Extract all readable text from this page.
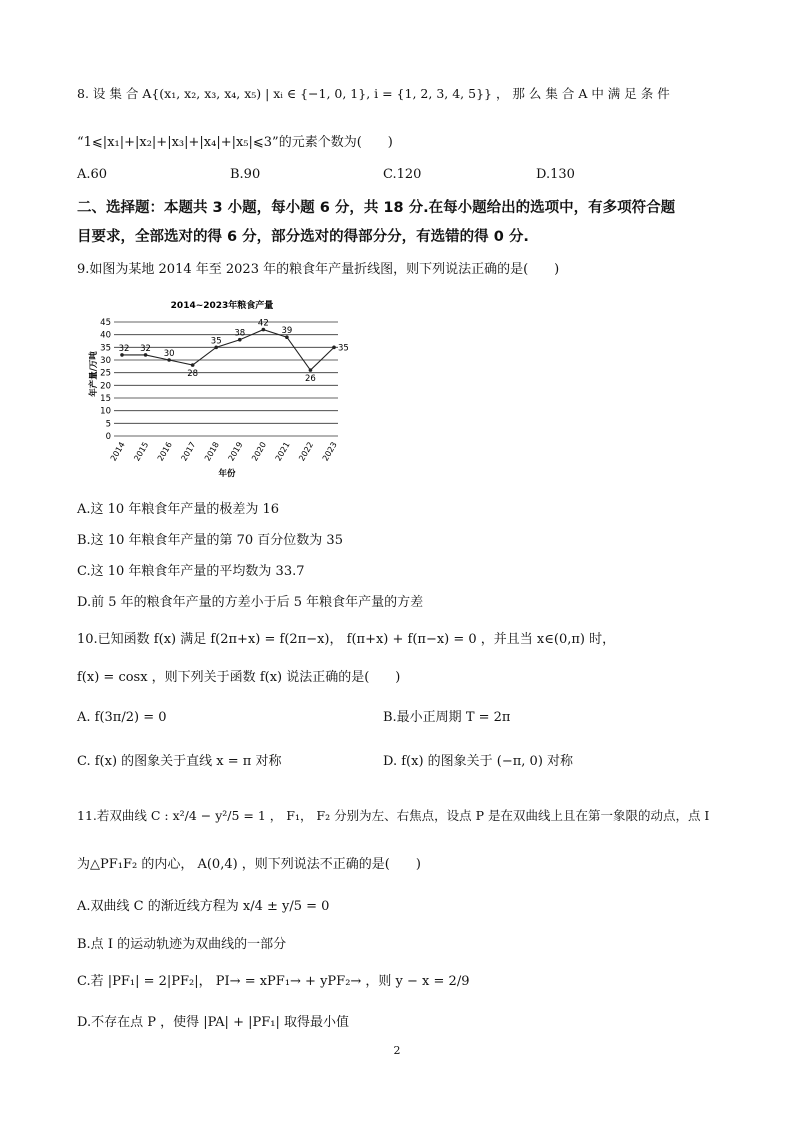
8. 设 集 合 A{(x₁, x₂, x₃, x₄, x₅) | xᵢ ∈ {−1, 0, 1}, i = {1, 2, 3, 4, 5}} ， 那 么 集 合 A 中 满 足 条 件
“1⩽|x₁|+|x₂|+|x₃|+|x₄|+|x₅|⩽3”的元素个数为(　　)
A.60	B.90	C.120	D.130
二、选择题：本题共 3 小题，每小题 6 分，共 18 分.在每小题给出的选项中，有多项符合题
目要求，全部选对的得 6 分，部分选对的得部分分，有选错的得 0 分.
9.如图为某地 2014 年至 2023 年的粮食年产量折线图，则下列说法正确的是(　　)
2014~2023年粮食产量
0
5
10
15
20
25
30
35
40
45
2014 2015 2016 2017 2018 2019 2020 2021 2022 2023
32 32
30
28
35
38
42
39
26
35
年产量/万吨
年份
A.这 10 年粮食年产量的极差为 16
B.这 10 年粮食年产量的第 70 百分位数为 35
C.这 10 年粮食年产量的平均数为 33.7
D.前 5 年的粮食年产量的方差小于后 5 年粮食年产量的方差
10.已知函数 f(x) 满足 f(2π+x) = f(2π−x)， f(π+x) + f(π−x) = 0 ，并且当 x∈(0,π) 时，
f(x) = cosx ，则下列关于函数 f(x) 说法正确的是(　　)
A. f(3π/2) = 0	B.最小正周期 T = 2π
C. f(x) 的图象关于直线 x = π 对称	D. f(x) 的图象关于 (−π, 0) 对称
11.若双曲线 C : x²/4 − y²/5 = 1 ， F₁， F₂ 分别为左、右焦点，设点 P 是在双曲线上且在第一象限的动点，点 I
为△PF₁F₂ 的内心， A(0,4) ，则下列说法不正确的是(　　)
A.双曲线 C 的渐近线方程为 x/4 ± y/5 = 0
B.点 I 的运动轨迹为双曲线的一部分
C.若 |PF₁| = 2|PF₂|， PI→ = xPF₁→ + yPF₂→ ，则 y − x = 2/9
D.不存在点 P ，使得 |PA| + |PF₁| 取得最小值
2
